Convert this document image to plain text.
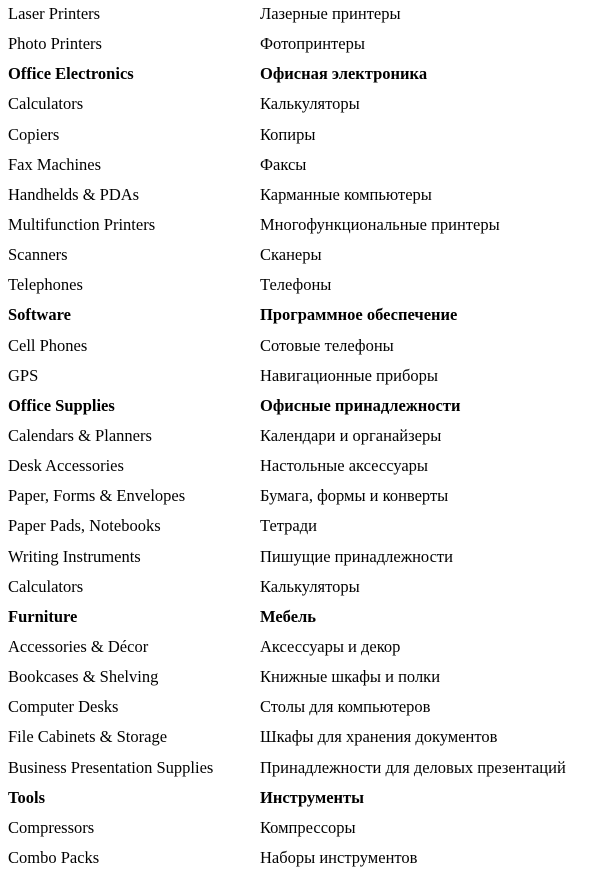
Laser Printers	Лазерные принтеры
Photo Printers	Фотопринтеры
Office Electronics	Офисная электроника
Calculators	Калькуляторы
Copiers	Копиры
Fax Machines	Факсы
Handhelds & PDAs	Карманные компьютеры
Multifunction Printers	Многофункциональные принтеры
Scanners	Сканеры
Telephones	Телефоны
Software	Программное обеспечение
Cell Phones	Сотовые телефоны
GPS	Навигационные приборы
Office Supplies	Офисные принадлежности
Calendars & Planners	Календари и органайзеры
Desk Accessories	Настольные аксессуары
Paper, Forms & Envelopes	Бумага, формы и конверты
Paper Pads, Notebooks	Тетради
Writing Instruments	Пишущие принадлежности
Calculators	Калькуляторы
Furniture	Мебель
Accessories & Décor	Аксессуары и декор
Bookcases & Shelving	Книжные шкафы и полки
Computer Desks	Столы для компьютеров
File Cabinets & Storage	Шкафы для хранения документов
Business Presentation Supplies	Принадлежности для деловых презентаций
Tools	Инструменты
Compressors	Компрессоры
Combo Packs	Наборы инструментов
